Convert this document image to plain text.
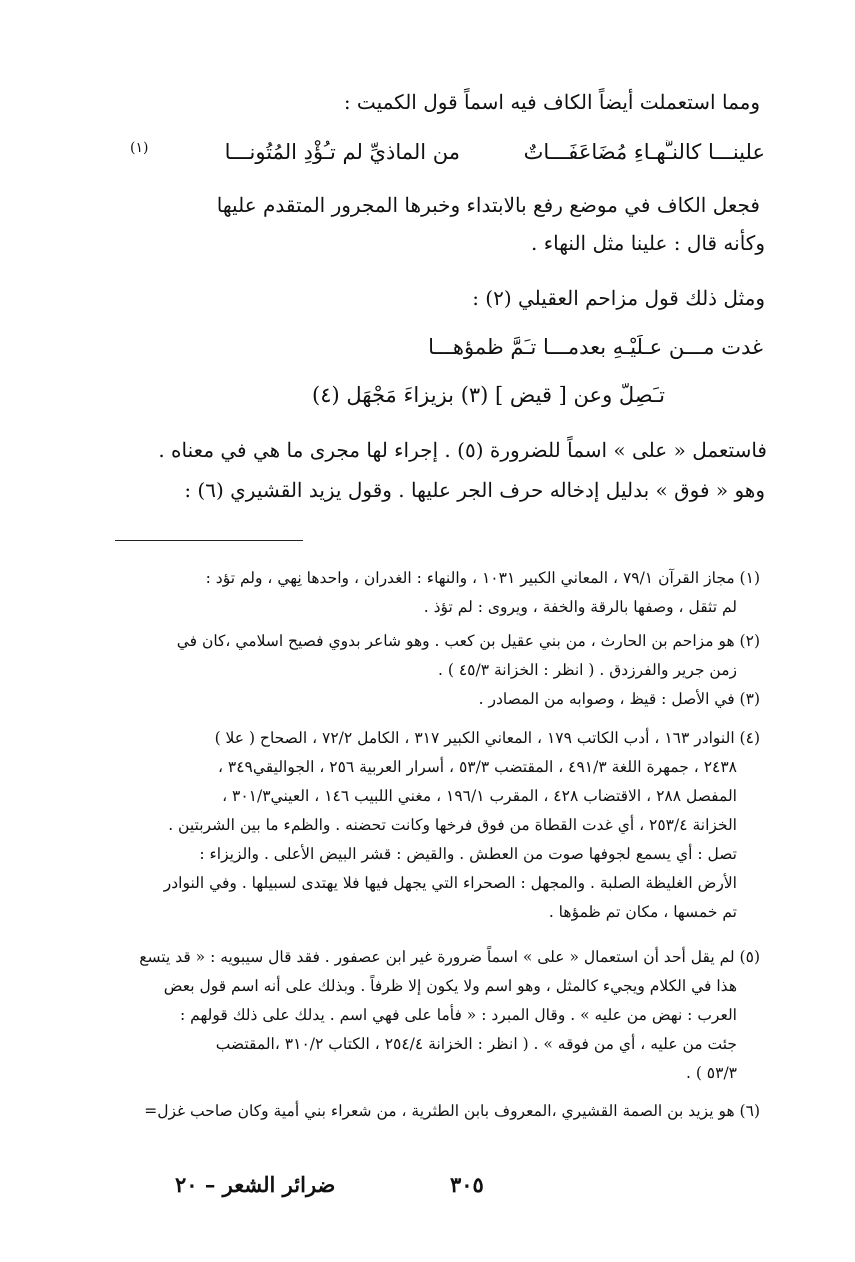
ومما استعملت أيضاً الكاف فيه اسماً قول الكميت :
علينـــا كالنـَّهـاءِ مُضَاعَفَـــاتٌ
من الماذيِّ لم تـُؤْدِ المُتُونـــا
(١)
فجعل الكاف في موضع رفع بالابتداء وخبرها المجرور المتقدم عليها
وكأنه قال : علينا مثل النهاء .
ومثل ذلك قول مزاحم العقيلي (٢) :
غدت مـــن عـلَيْـهِ بعدمـــا تـَمَّ ظمؤهـــا
تـَصِلُّ وعن [ قيض ] (٣) بزيزاءَ مَجْهَل (٤)
فاستعمل « على » اسماً للضرورة (٥) . إجراء لها مجرى ما هي في معناه .
وهو « فوق » بدليل إدخاله حرف الجر عليها . وقول يزيد القشيري (٦) :
(١) مجاز القرآن ٧٩/١ ، المعاني الكبير ١٠٣١ ، والنهاء : الغدران ، واحدها نِهي ، ولم تؤد :
لم تثقل ، وصفها بالرقة والخفة ، ويروى : لم تؤذ .
(٢) هو مزاحم بن الحارث ، من بني عقيل بن كعب . وهو شاعر بدوي فصيح اسلامي ،كان في
زمن جرير والفرزدق . ( انظر : الخزانة ٤٥/٣ ) .
(٣) في الأصل : قيظ ، وصوابه من المصادر .
(٤) النوادر ١٦٣ ، أدب الكاتب ١٧٩ ، المعاني الكبير ٣١٧ ، الكامل ٧٢/٢ ، الصحاح ( علا )
٢٤٣٨ ، جمهرة اللغة ٤٩١/٣ ، المقتضب ٥٣/٣ ، أسرار العربية ٢٥٦ ، الجواليقي٣٤٩ ،
المفصل ٢٨٨ ، الاقتضاب ٤٢٨ ، المقرب ١٩٦/١ ، مغني اللبيب ١٤٦ ، العيني٣٠١/٣ ،
الخزانة ٢٥٣/٤ ، أي غدت القطاة من فوق فرخها وكانت تحضنه . والظمء ما بين الشربتين .
تصل : أي يسمع لجوفها صوت من العطش . والقيض : قشر البيض الأعلى . والزيزاء :
الأرض الغليظة الصلبة . والمجهل : الصحراء التي يجهل فيها فلا يهتدى لسبيلها . وفي النوادر
تم خمسها ، مكان تم ظمؤها .
(٥) لم يقل أحد أن استعمال « على » اسماً ضرورة غير ابن عصفور . فقد قال سيبويه : « قد يتسع
هذا في الكلام ويجيء كالمثل ، وهو اسم ولا يكون إلا ظرفاً . وبذلك على أنه اسم قول بعض
العرب : نهض من عليه » . وقال المبرد : « فأما على فهي اسم . يدلك على ذلك قولهم :
جئت من عليه ، أي من فوقه » . ( انظر : الخزانة ٢٥٤/٤ ، الكتاب ٣١٠/٢ ،المقتضب
٥٣/٣ ) .
(٦) هو يزيد بن الصمة القشيري ،المعروف بابن الطثرية ، من شعراء بني أمية وكان صاحب غزل=
٣٠٥
ضرائر الشعر – ٢٠
